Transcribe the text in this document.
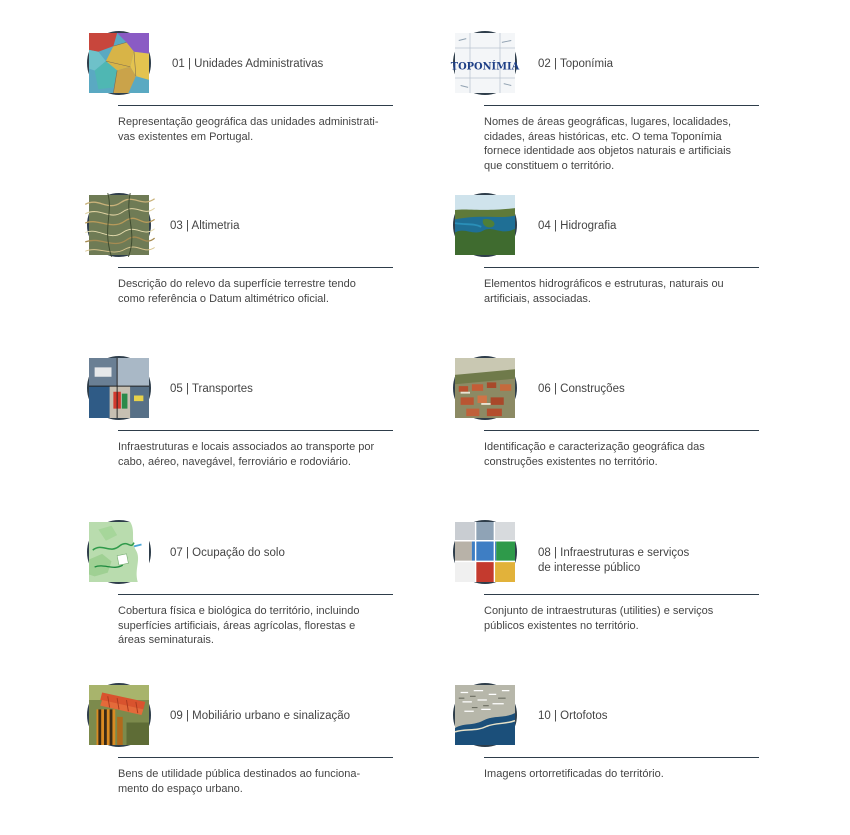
01 | Unidades Administrativas
Representação geográfica das unidades administrati-
vas existentes em Portugal.
TOPONÍMIA 02 | Toponímia
Nomes de áreas geográficas, lugares, localidades,
cidades, áreas históricas, etc. O tema Toponímia
fornece identidade aos objetos naturais e artificiais
que constituem o território.
03 | Altimetria
Descrição do relevo da superfície terrestre tendo
como referência o Datum altimétrico oficial.
04 | Hidrografia
Elementos hidrográficos e estruturas, naturais ou
artificiais, associadas.
05 | Transportes
Infraestruturas e locais associados ao transporte por
cabo, aéreo, navegável, ferroviário e rodoviário.
06 | Construções
Identificação e caracterização geográfica das
construções existentes no território.
07 | Ocupação do solo
Cobertura física e biológica do território, incluindo
superfícies artificiais, áreas agrícolas, florestas e
áreas seminaturais.
08 | Infraestruturas e serviços
de interesse público
Conjunto de intraestruturas (utilities) e serviços
públicos existentes no território.
09 | Mobiliário urbano e sinalização
Bens de utilidade pública destinados ao funciona-
mento do espaço urbano.
10 | Ortofotos
Imagens ortorretificadas do território.
